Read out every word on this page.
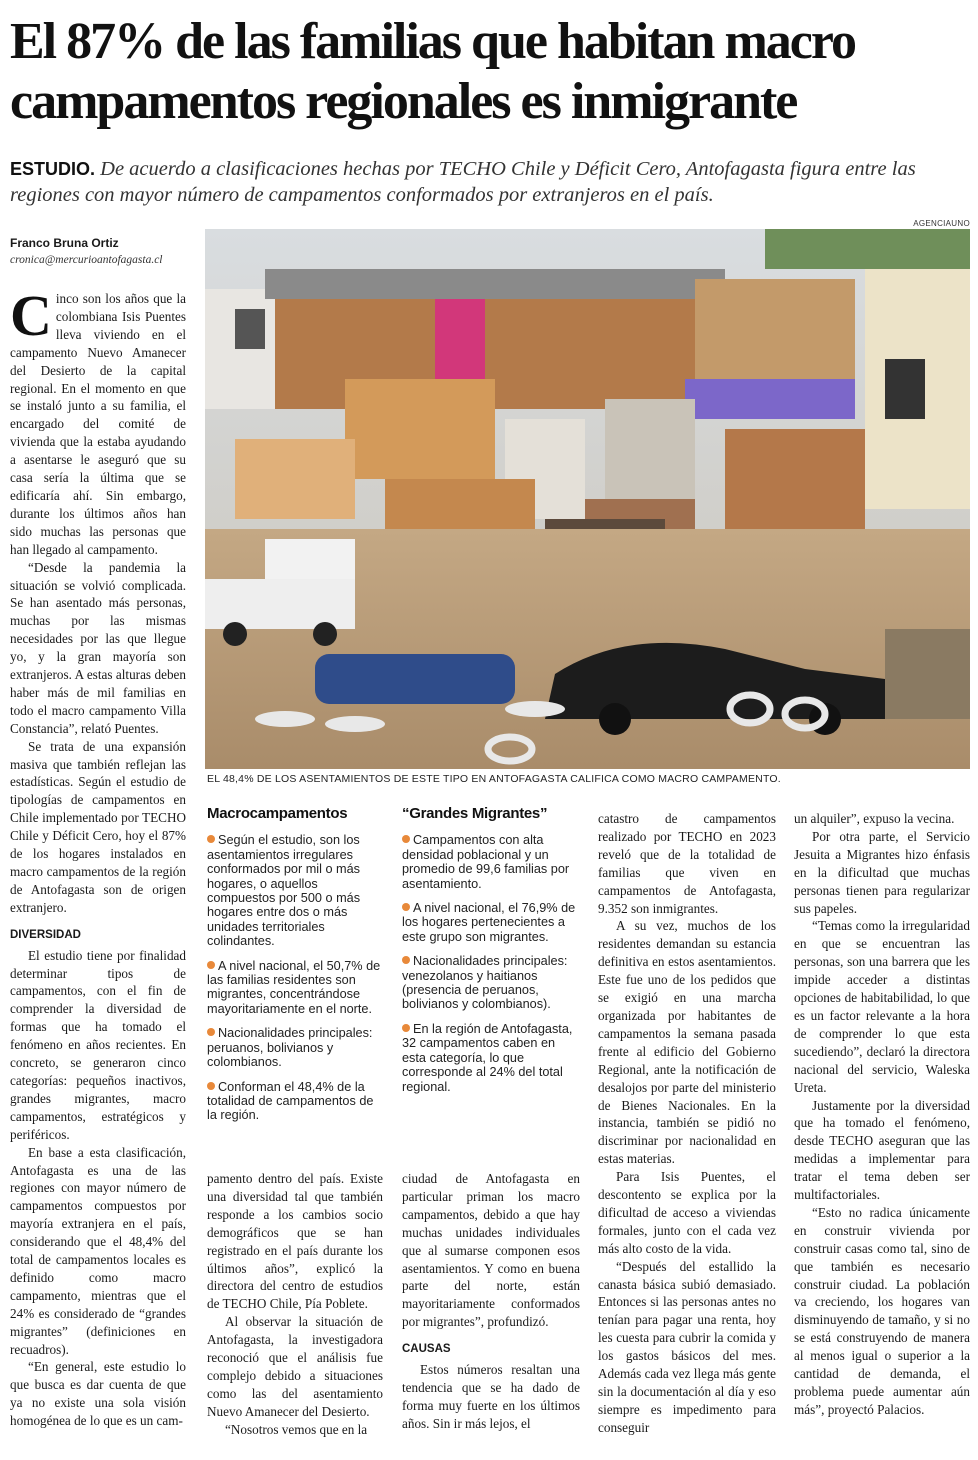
El 87% de las familias que habitan macro campamentos regionales es inmigrante
ESTUDIO. De acuerdo a clasificaciones hechas por TECHO Chile y Déficit Cero, Antofagasta figura entre las regiones con mayor número de campamentos conformados por extranjeros en el país.
AGENCIAUNO
Franco Bruna Ortiz
cronica@mercurioantofagasta.cl
EL 48,4% DE LOS ASENTAMIENTOS DE ESTE TIPO EN ANTOFAGASTA CALIFICA COMO MACRO CAMPAMENTO.

Cinco son los años que la colombiana Isis Puentes lleva viviendo en el campamento Nuevo Amanecer del Desierto de la capital regional. En el momento en que se instaló junto a su familia, el encargado del comité de vivienda que la estaba ayudando a asentarse le aseguró que su casa sería la última que se edificaría ahí. Sin embargo, durante los últimos años han sido muchas las personas que han llegado al campamento.

“Desde la pandemia la situación se volvió complicada. Se han asentado más personas, muchas por las mismas necesidades por las que llegue yo, y la gran mayoría son extranjeros. A estas alturas deben haber más de mil familias en todo el macro campamento Villa Constancia”, relató Puentes.

Se trata de una expansión masiva que también reflejan las estadísticas. Según el estudio de tipologías de campamentos en Chile implementado por TECHO Chile y Déficit Cero, hoy el 87% de los hogares instalados en macro campamentos de la región de Antofagasta son de origen extranjero.

DIVERSIDAD

El estudio tiene por finalidad determinar tipos de campamentos, con el fin de comprender la diversidad de formas que ha tomado el fenómeno en años recientes. En concreto, se generaron cinco categorías: pequeños inactivos, grandes migrantes, macro campamentos, estratégicos y periféricos.

En base a esta clasificación, Antofagasta es una de las regiones con mayor número de campamentos compuestos por mayoría extranjera en el país, considerando que el 48,4% del total de campamentos locales es definido como macro campamento, mientras que el 24% es considerado de “grandes migrantes” (definiciones en recuadros).

“En general, este estudio lo que busca es dar cuenta de que ya no existe una sola visión homogénea de lo que es un cam-

Macrocampamentos
Según el estudio, son los asentamientos irregulares conformados por mil o más hogares, o aquellos compuestos por 500 o más hogares entre dos o más unidades territoriales colindantes.
A nivel nacional, el 50,7% de las familias residentes son migrantes, concentrándose mayoritariamente en el norte.
Nacionalidades principales: peruanos, bolivianos y colombianos.
Conforman el 48,4% de la totalidad de campamentos de la región.
“Grandes Migrantes”
Campamentos con alta densidad poblacional y un promedio de 99,6 familias por asentamiento.
A nivel nacional, el 76,9% de los hogares pertenecientes a este grupo son migrantes.
Nacionalidades principales: venezolanos y haitianos (presencia de peruanos, bolivianos y colombianos).
En la región de Antofagasta, 32 campamentos caben en esta categoría, lo que corresponde al 24% del total regional.

pamento dentro del país. Existe una diversidad tal que también responde a los cambios socio demográficos que se han registrado en el país durante los últimos años”, explicó la directora del centro de estudios de TECHO Chile, Pía Poblete.

Al observar la situación de Antofagasta, la investigadora reconoció que el análisis fue complejo debido a situaciones como las del asentamiento Nuevo Amanecer del Desierto.

“Nosotros vemos que en la

ciudad de Antofagasta en particular priman los macro campamentos, debido a que hay muchas unidades individuales que al sumarse componen esos asentamientos. Y como en buena parte del norte, están mayoritariamente conformados por migrantes”, profundizó.

CAUSAS

Estos números resaltan una tendencia que se ha dado de forma muy fuerte en los últimos años. Sin ir más lejos, el

catastro de campamentos realizado por TECHO en 2023 reveló que de la totalidad de familias que viven en campamentos de Antofagasta, 9.352 son inmigrantes.

A su vez, muchos de los residentes demandan su estancia definitiva en estos asentamientos. Este fue uno de los pedidos que se exigió en una marcha organizada por habitantes de campamentos la semana pasada frente al edificio del Gobierno Regional, ante la notificación de desalojos por parte del ministerio de Bienes Nacionales. En la instancia, también se pidió no discriminar por nacionalidad en estas materias.

Para Isis Puentes, el descontento se explica por la dificultad de acceso a viviendas formales, junto con el cada vez más alto costo de la vida.

“Después del estallido la canasta básica subió demasiado. Entonces si las personas antes no tenían para pagar una renta, hoy les cuesta para cubrir la comida y los gastos básicos del mes. Además cada vez llega más gente sin la documentación al día y eso siempre es impedimento para conseguir

un alquiler”, expuso la vecina.

Por otra parte, el Servicio Jesuita a Migrantes hizo énfasis en la dificultad que muchas personas tienen para regularizar sus papeles.

“Temas como la irregularidad en que se encuentran las personas, son una barrera que les impide acceder a distintas opciones de habitabilidad, lo que es un factor relevante a la hora de comprender lo que esta sucediendo”, declaró la directora nacional del servicio, Waleska Ureta.

Justamente por la diversidad que ha tomado el fenómeno, desde TECHO aseguran que las medidas a implementar para tratar el tema deben ser multifactoriales.

“Esto no radica únicamente en construir vivienda por construir casas como tal, sino de que también es necesario construir ciudad. La población va creciendo, los hogares van disminuyendo de tamaño, y si no se está construyendo de manera al menos igual o superior a la cantidad de demanda, el problema puede aumentar aún más”, proyectó Palacios.
